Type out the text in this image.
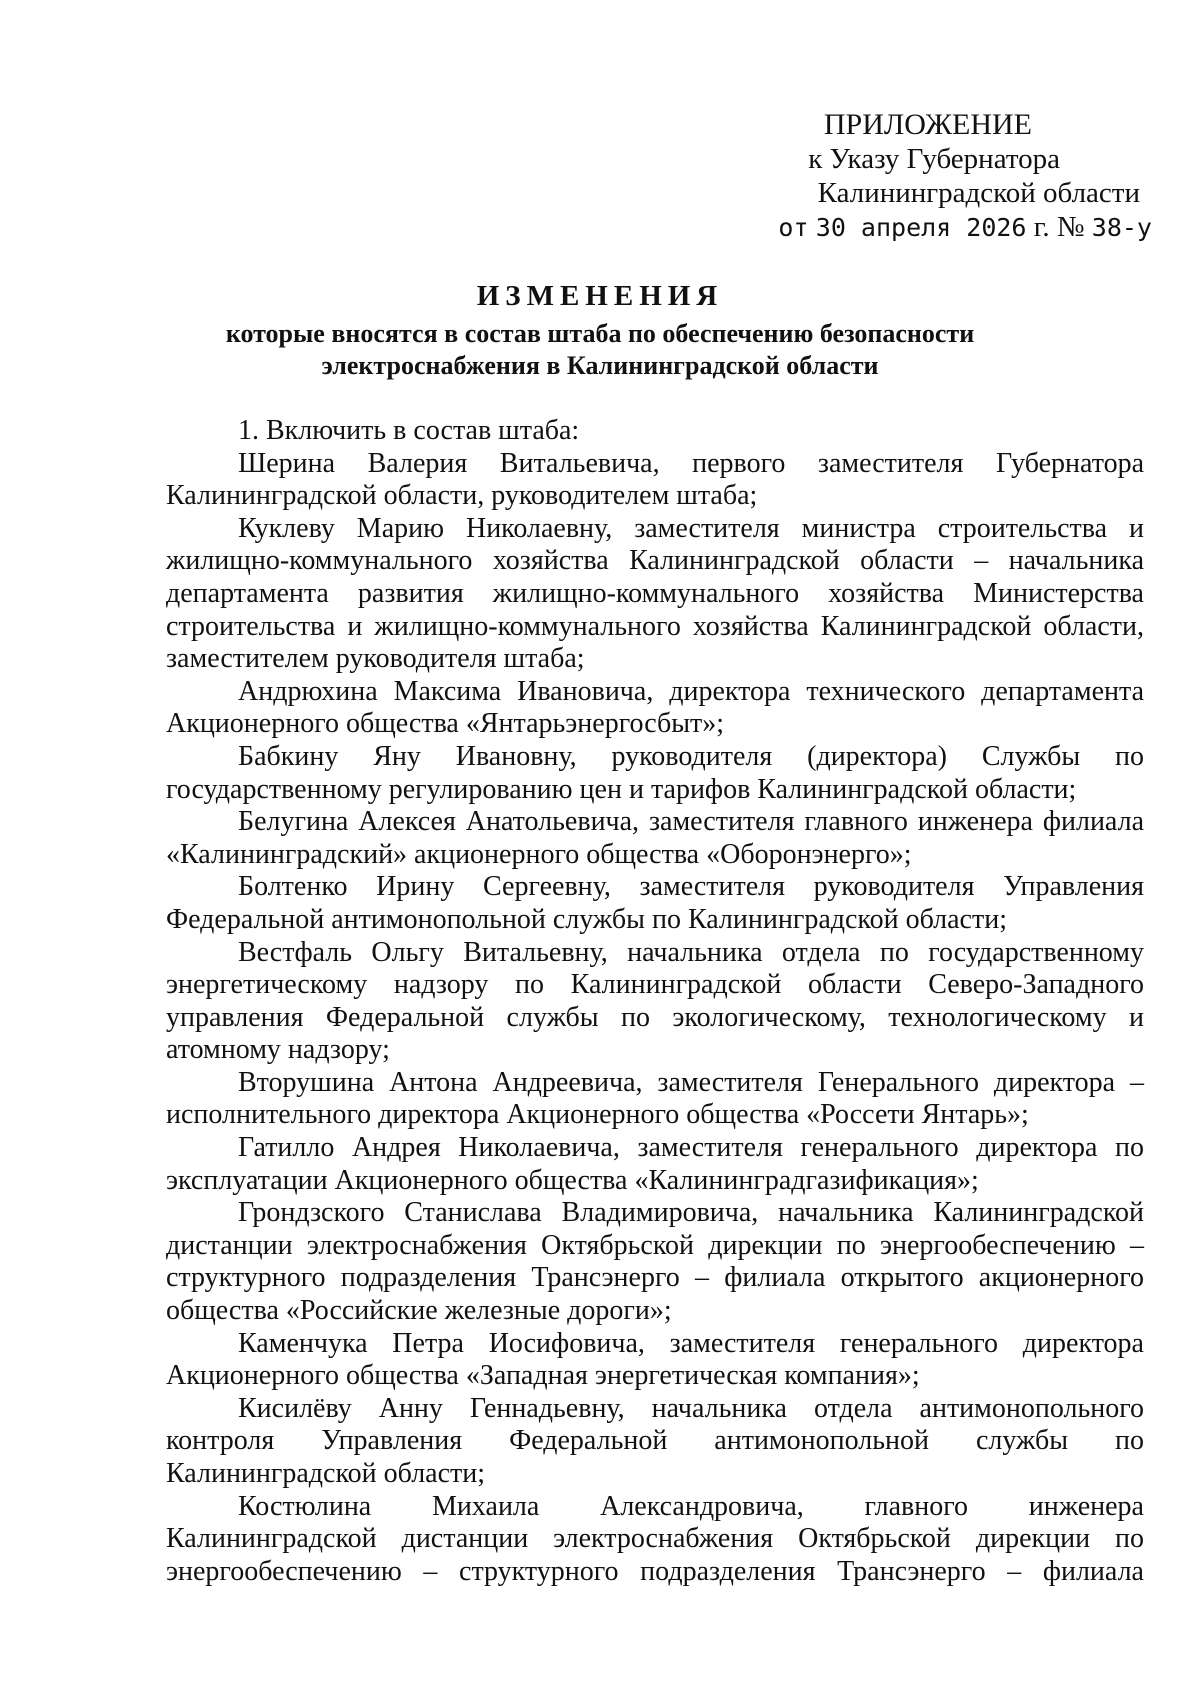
ПРИЛОЖЕНИЕ
к Указу Губернатора
Калининградской области
от 30 апреля 2026 г. № 38-у
ИЗМЕНЕНИЯ
которые вносятся в состав штаба по обеспечению безопасности
электроснабжения в Калининградской области

1. Включить в состав штаба:

Шерина Валерия Витальевича, первого заместителя Губернатора Калининградской области, руководителем штаба;

Куклеву Марию Николаевну, заместителя министра строительства и жилищно-коммунального хозяйства Калининградской области – начальника департамента развития жилищно-коммунального хозяйства Министерства строительства и жилищно-коммунального хозяйства Калининградской области, заместителем руководителя штаба;

Андрюхина Максима Ивановича, директора технического департамента Акционерного общества «Янтарьэнергосбыт»;

Бабкину Яну Ивановну, руководителя (директора) Службы по государственному регулированию цен и тарифов Калининградской области;

Белугина Алексея Анатольевича, заместителя главного инженера филиала «Калининградский» акционерного общества «Оборонэнерго»;

Болтенко Ирину Сергеевну, заместителя руководителя Управления Федеральной антимонопольной службы по Калининградской области;

Вестфаль Ольгу Витальевну, начальника отдела по государственному энергетическому надзору по Калининградской области Северо-Западного управления Федеральной службы по экологическому, технологическому и атомному надзору;

Вторушина Антона Андреевича, заместителя Генерального директора – исполнительного директора Акционерного общества «Россети Янтарь»;

Гатилло Андрея Николаевича, заместителя генерального директора по эксплуатации Акционерного общества «Калининградгазификация»;

Грондзского Станислава Владимировича, начальника Калининградской дистанции электроснабжения Октябрьской дирекции по энергообеспечению – структурного подразделения Трансэнерго – филиала открытого акционерного общества «Российские железные дороги»;

Каменчука Петра Иосифовича, заместителя генерального директора Акционерного общества «Западная энергетическая компания»;

Кисилёву Анну Геннадьевну, начальника отдела антимонопольного контроля Управления Федеральной антимонопольной службы по Калининградской области;

Костюлина Михаила Александровича, главного инженера Калининградской дистанции электроснабжения Октябрьской дирекции по энергообеспечению – структурного подразделения Трансэнерго – филиала
